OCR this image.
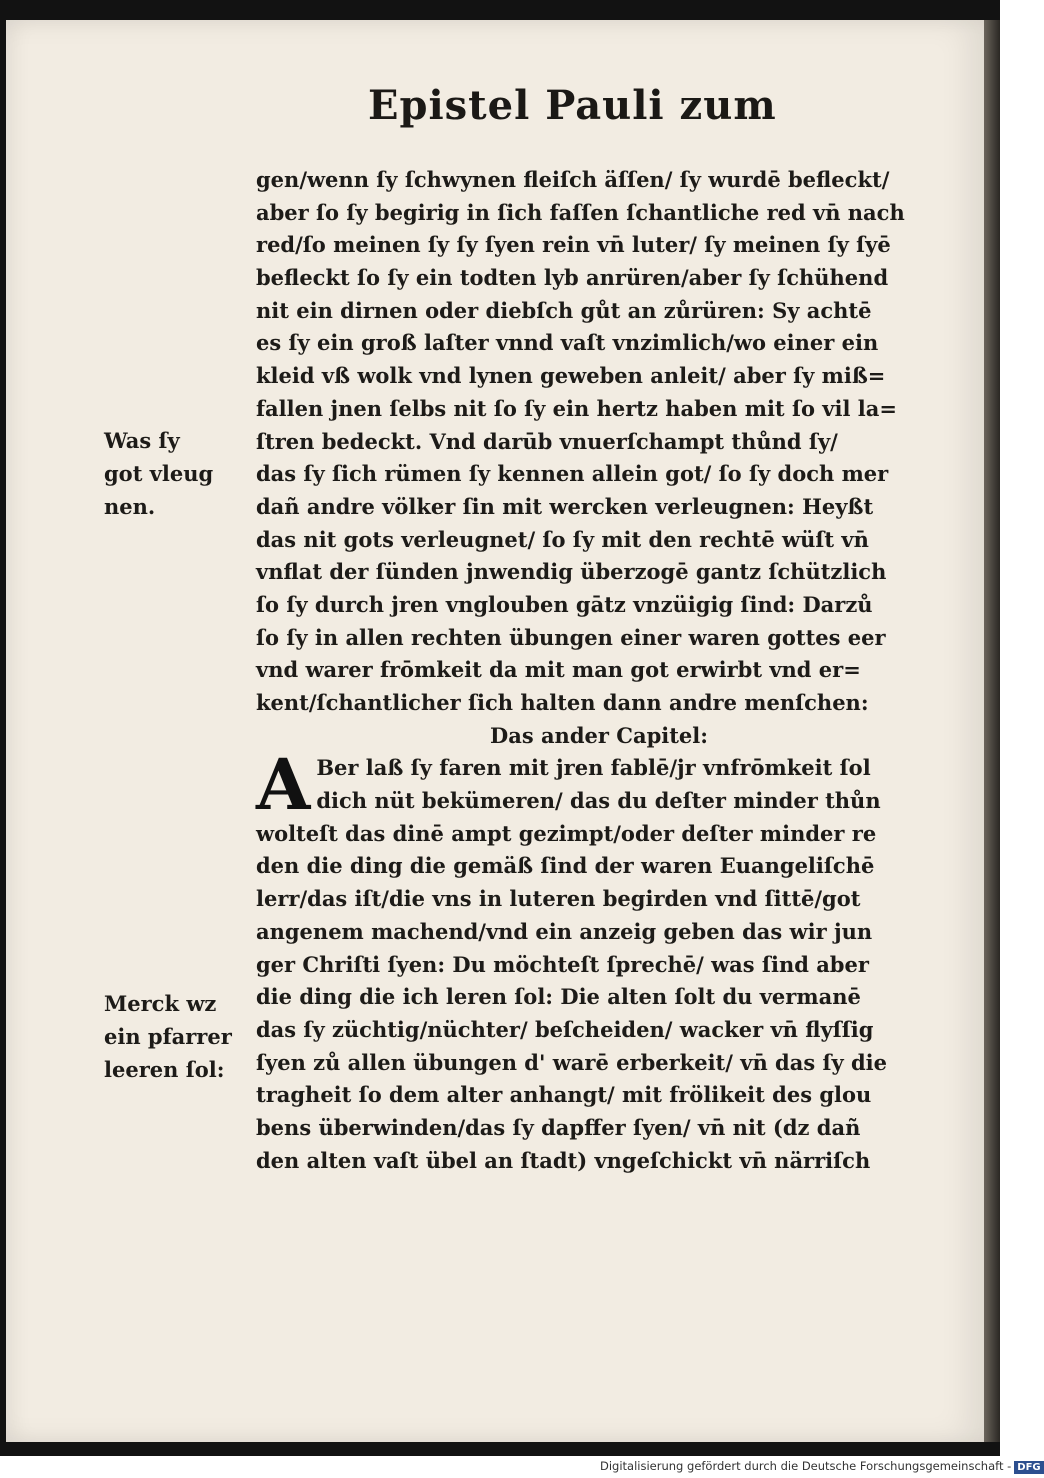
Epistel Pauli zum
Was ſy
got vleug
nen.
Merck wz
ein pfarrer
leeren ſol:
gen/wenn ſy ſchwynen fleiſch äſſen/ ſy wurdē befleckt/
aber ſo ſy begirig in ſich faſſen ſchantliche red vn̄ nach
red/ſo meinen ſy ſy ſyen rein vn̄ luter/ ſy meinen ſy ſyē
befleckt ſo ſy ein todten lyb anrüren/aber ſy ſchühend
nit ein dirnen oder diebſch gůt an zůrüren: Sy achtē
es ſy ein groß laſter vnnd vaſt vnzimlich/wo einer ein
kleid vß wolk vnd lynen geweben anleit/ aber ſy miß=
fallen jnen ſelbs nit ſo ſy ein hertz haben mit ſo vil la=
ſtren bedeckt. Vnd darūb vnuerſchampt thůnd ſy/
das ſy ſich rümen ſy kennen allein got/ ſo ſy doch mer
dañ andre völker ſin mit wercken verleugnen: Heyßt
das nit gots verleugnet/ ſo ſy mit den rechtē wüſt vn̄
vnflat der ſünden jnwendig überzogē gantz ſchützlich
ſo ſy durch jren vnglouben gātz vnzüigig ſind: Darzů
ſo ſy in allen rechten übungen einer waren gottes eer
vnd warer frōmkeit da mit man got erwirbt vnd er=
kent/ſchantlicher ſich halten dann andre menſchen:
Das ander Capitel:
A Ber laß ſy faren mit jren fablē/jr vnfrōmkeit ſol
dich nüt bekümeren/ das du deſter minder thůn
wolteſt das dinē ampt gezimpt/oder deſter minder re
den die ding die gemäß ſind der waren Euangeliſchē
lerr/das iſt/die vns in luteren begirden vnd ſittē/got
angenem machend/vnd ein anzeig geben das wir jun
ger Chriſti ſyen: Du möchteſt ſprechē/ was ſind aber
die ding die ich leren ſol: Die alten ſolt du vermanē
das ſy züchtig/nüchter/ beſcheiden/ wacker vn̄ flyſſig
ſyen zů allen übungen d' warē erberkeit/ vn̄ das ſy die
tragheit ſo dem alter anhangt/ mit frölikeit des glou
bens überwinden/das ſy dapffer ſyen/ vn̄ nit (dz dañ
den alten vaſt übel an ſtadt) vngeſchickt vn̄ närriſch
Digitalisierung gefördert durch die Deutsche Forschungsgemeinschaft - DFG
